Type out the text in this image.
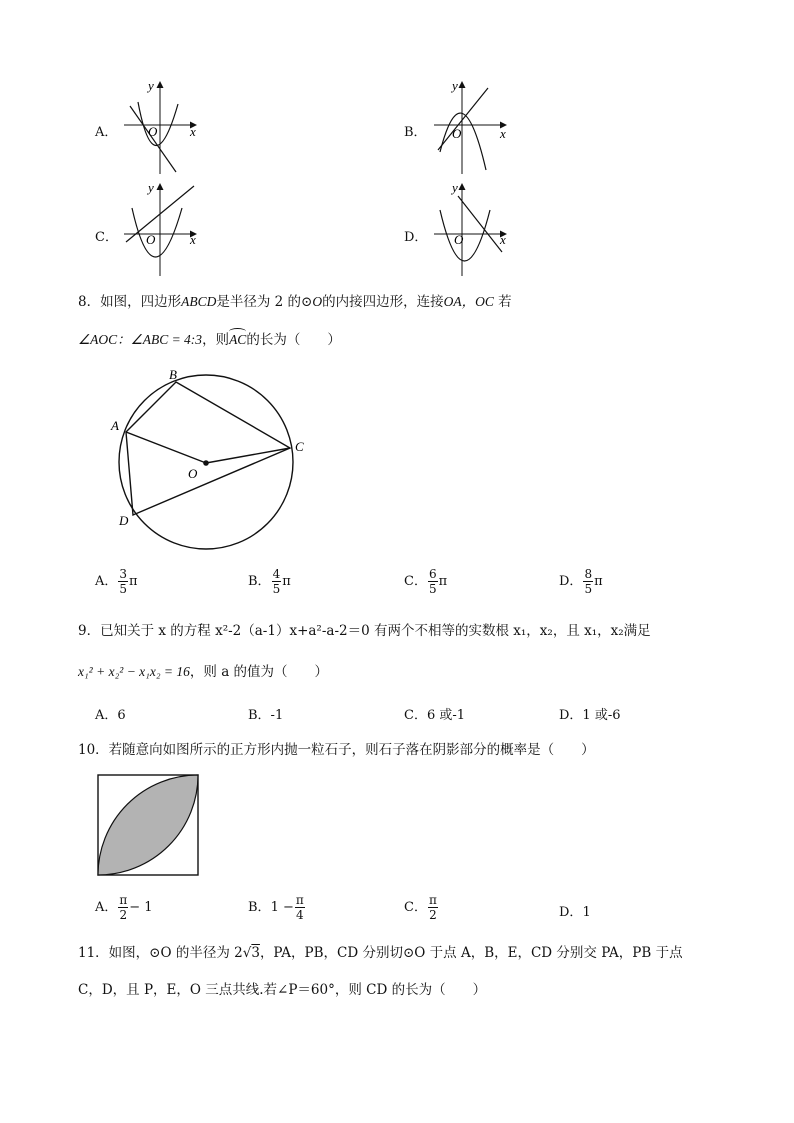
A．
y
x
O	B．
y
x
O
C．
y
x
O	D．
y
x
O
8．如图，四边形ABCD是半径为 2 的⊙O的内接四边形，连接OA，OC 若
∠AOC：∠ABC = 4:3，则AC的长为（　　）
B
A
C
O
D
A． $\frac{3}{5}$ π	B． $\frac{4}{5}$ π	C． $\frac{6}{5}$ π	D． $\frac{8}{5}$ π
9．已知关于 x 的方程 x²-2（a-1）x+a²-a-2＝0 有两个不相等的实数根 x₁，x₂，且 x₁，x₂满足
x₁² + x₂² − x₁x₂ = 16，则 a 的值为（　　）
A．6	B．-1	C．6 或-1	D．1 或-6
10．若随意向如图所示的正方形内抛一粒石子，则石子落在阴影部分的概率是（　　）
A． $\frac{\pi}{2} - 1$	B．$1 - \frac{\pi}{4}$	C． $\frac{\pi}{2}$	D．1
11．如图，⊙O 的半径为 2√3，PA，PB，CD 分别切⊙O 于点 A，B，E，CD 分别交 PA，PB 于点
C，D，且 P，E，O 三点共线.若∠P＝60°，则 CD 的长为（　　）
